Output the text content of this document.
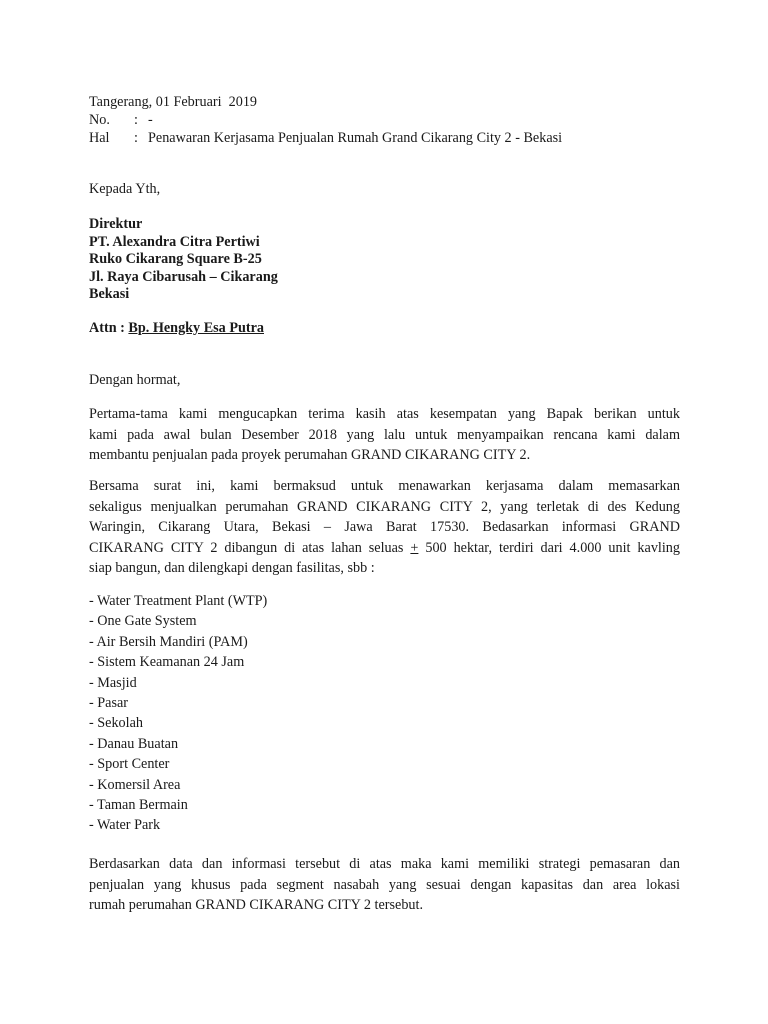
Tangerang, 01 Februari  2019
No. : -
Hal : Penawaran Kerjasama Penjualan Rumah Grand Cikarang City 2 - Bekasi
Kepada Yth,
Direktur
PT. Alexandra Citra Pertiwi
Ruko Cikarang Square B-25
Jl. Raya Cibarusah – Cikarang
Bekasi
Attn : Bp. Hengky Esa Putra
Dengan hormat,
Pertama-tama kami mengucapkan terima kasih atas kesempatan yang Bapak berikan untuk
kami pada awal bulan Desember 2018 yang lalu untuk menyampaikan rencana kami dalam
membantu penjualan pada proyek perumahan GRAND CIKARANG CITY 2.
Bersama surat ini, kami bermaksud untuk menawarkan kerjasama dalam memasarkan
sekaligus menjualkan perumahan GRAND CIKARANG CITY 2, yang terletak di des Kedung
Waringin, Cikarang Utara, Bekasi – Jawa Barat 17530. Bedasarkan informasi GRAND
CIKARANG CITY 2 dibangun di atas lahan seluas + 500 hektar, terdiri dari 4.000 unit kavling
siap bangun, dan dilengkapi dengan fasilitas, sbb :
- Water Treatment Plant (WTP)
- One Gate System
- Air Bersih Mandiri (PAM)
- Sistem Keamanan 24 Jam
- Masjid
- Pasar
- Sekolah
- Danau Buatan
- Sport Center
- Komersil Area
- Taman Bermain
- Water Park
Berdasarkan data dan informasi tersebut di atas maka kami memiliki strategi pemasaran dan
penjualan yang khusus pada segment nasabah yang sesuai dengan kapasitas dan area lokasi
rumah perumahan GRAND CIKARANG CITY 2 tersebut.
